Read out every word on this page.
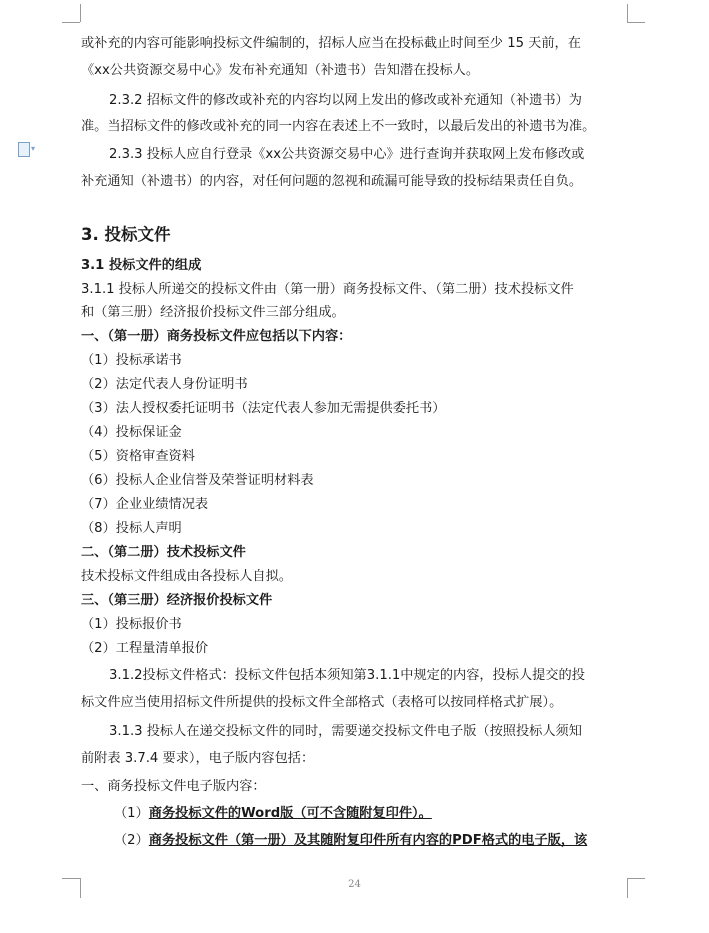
▾
或补充的内容可能影响投标文件编制的，招标人应当在投标截止时间至少 15 天前，在
《xx公共资源交易中心》发布补充通知（补遗书）告知潜在投标人。
2.3.2 招标文件的修改或补充的内容均以网上发出的修改或补充通知（补遗书）为
准。当招标文件的修改或补充的同一内容在表述上不一致时，以最后发出的补遗书为准。
2.3.3 投标人应自行登录《xx公共资源交易中心》进行查询并获取网上发布修改或
补充通知（补遗书）的内容，对任何问题的忽视和疏漏可能导致的投标结果责任自负。
3. 投标文件
3.1 投标文件的组成
3.1.1 投标人所递交的投标文件由（第一册）商务投标文件、（第二册）技术投标文件
和（第三册）经济报价投标文件三部分组成。
一、（第一册）商务投标文件应包括以下内容：
（1）投标承诺书
（2）法定代表人身份证明书
（3）法人授权委托证明书（法定代表人参加无需提供委托书）
（4）投标保证金
（5）资格审查资料
（6）投标人企业信誉及荣誉证明材料表
（7）企业业绩情况表
（8）投标人声明
二、（第二册）技术投标文件
技术投标文件组成由各投标人自拟。
三、（第三册）经济报价投标文件
（1）投标报价书
（2）工程量清单报价
3.1.2投标文件格式：投标文件包括本须知第3.1.1中规定的内容，投标人提交的投
标文件应当使用招标文件所提供的投标文件全部格式（表格可以按同样格式扩展）。
3.1.3 投标人在递交投标文件的同时，需要递交投标文件电子版（按照投标人须知
前附表 3.7.4 要求），电子版内容包括：
一、商务投标文件电子版内容：
（1）商务投标文件的Word版（可不含随附复印件）。
（2）商务投标文件（第一册）及其随附复印件所有内容的PDF格式的电子版，该
24
